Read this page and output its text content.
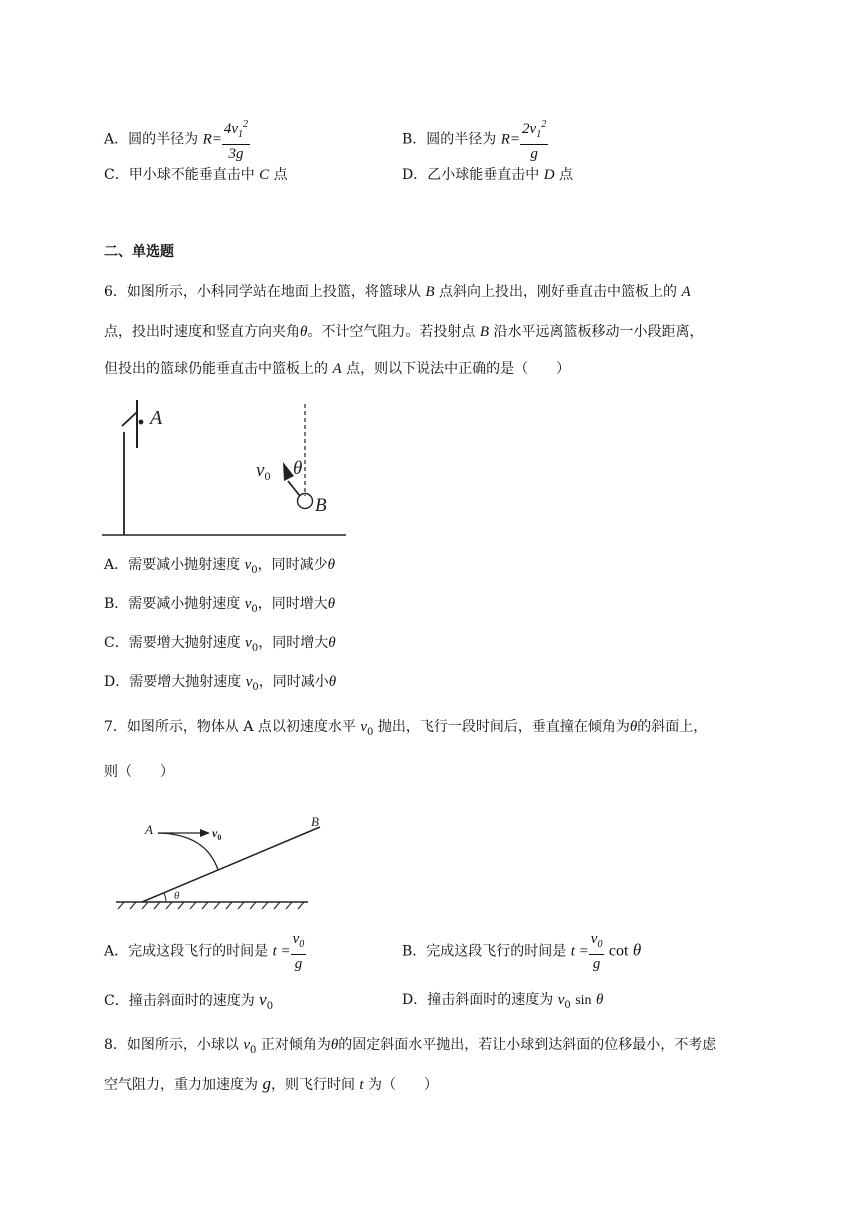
A．圆的半径为 $R= \frac{4v_1^2}{3g}$	B．圆的半径为 $R= \frac{2v_1^2}{g}$
C．甲小球不能垂直击中 C 点	D．乙小球能垂直击中 D 点
二、单选题
6．如图所示，小科同学站在地面上投篮，将篮球从 B 点斜向上投出，刚好垂直击中篮板上的 A
点，投出时速度和竖直方向夹角θ。不计空气阻力。若投射点 B 沿水平远离篮板移动一小段距离，
但投出的篮球仍能垂直击中篮板上的 A 点，则以下说法中正确的是（　　）
A
B
$v_0$ θ
A．需要减小抛射速度 $v_0$，同时减少θ
B．需要减小抛射速度 $v_0$，同时增大θ
C．需要增大抛射速度 $v_0$，同时增大θ
D．需要增大抛射速度 $v_0$，同时减小θ
7．如图所示，物体从 A 点以初速度水平 $v_0$ 抛出，飞行一段时间后，垂直撞在倾角为θ的斜面上，
则（　　）
θ
A	$v_0$
B
A．完成这段飞行的时间是 $t = \frac{v_0}{g}$	B．完成这段飞行的时间是 $t = \frac{v_0}{g}$ cot θ
C．撞击斜面时的速度为 $v_0$	D．撞击斜面时的速度为 $v_0$ sin θ
8．如图所示，小球以 $v_0$ 正对倾角为θ的固定斜面水平抛出，若让小球到达斜面的位移最小，不考虑
空气阻力，重力加速度为 g，则飞行时间 t 为（　　）
